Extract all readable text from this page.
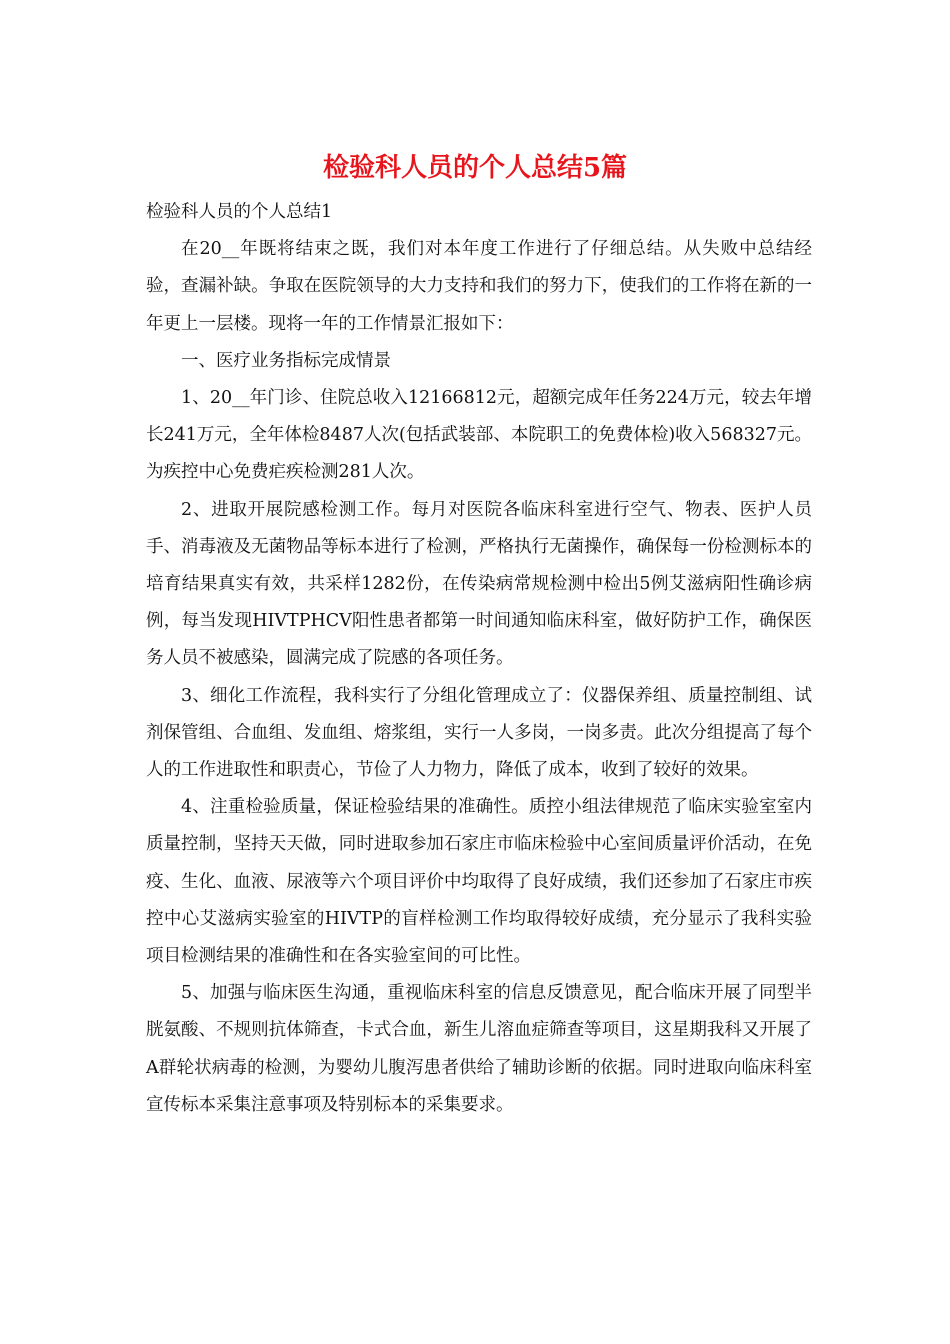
检验科人员的个人总结5篇

检验科人员的个人总结1

在20__年既将结束之既，我们对本年度工作进行了仔细总结。从失败中总结经验，查漏补缺。争取在医院领导的大力支持和我们的努力下，使我们的工作将在新的一年更上一层楼。现将一年的工作情景汇报如下：

一、医疗业务指标完成情景

1、20__年门诊、住院总收入12166812元，超额完成年任务224万元，较去年增长241万元，全年体检8487人次(包括武装部、本院职工的免费体检)收入568327元。为疾控中心免费疟疾检测281人次。

2、进取开展院感检测工作。每月对医院各临床科室进行空气、物表、医护人员手、消毒液及无菌物品等标本进行了检测，严格执行无菌操作，确保每一份检测标本的培育结果真实有效，共采样1282份，在传染病常规检测中检出5例艾滋病阳性确诊病例，每当发现HIVTPHCV阳性患者都第一时间通知临床科室，做好防护工作，确保医务人员不被感染，圆满完成了院感的各项任务。

3、细化工作流程，我科实行了分组化管理成立了：仪器保养组、质量控制组、试剂保管组、合血组、发血组、熔浆组，实行一人多岗，一岗多责。此次分组提高了每个人的工作进取性和职责心，节俭了人力物力，降低了成本，收到了较好的效果。

4、注重检验质量，保证检验结果的准确性。质控小组法律规范了临床实验室室内质量控制，坚持天天做，同时进取参加石家庄市临床检验中心室间质量评价活动，在免疫、生化、血液、尿液等六个项目评价中均取得了良好成绩，我们还参加了石家庄市疾控中心艾滋病实验室的HIVTP的盲样检测工作均取得较好成绩，充分显示了我科实验项目检测结果的准确性和在各实验室间的可比性。

5、加强与临床医生沟通，重视临床科室的信息反馈意见，配合临床开展了同型半胱氨酸、不规则抗体筛查，卡式合血，新生儿溶血症筛查等项目，这星期我科又开展了A群轮状病毒的检测，为婴幼儿腹泻患者供给了辅助诊断的依据。同时进取向临床科室宣传标本采集注意事项及特别标本的采集要求。
